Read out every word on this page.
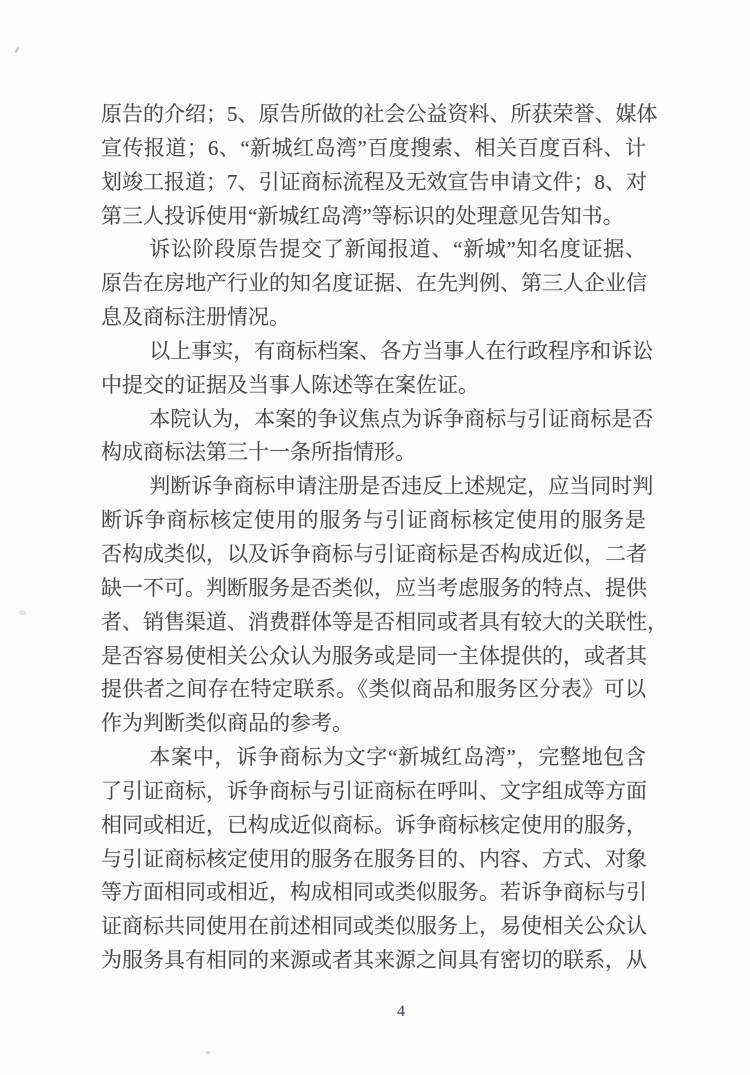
原告的介绍；5、原告所做的社会公益资料、所获荣誉、媒体
宣传报道；6、“新城红岛湾”百度搜索、相关百度百科、计
划竣工报道；7、引证商标流程及无效宣告申请文件；8、对
第三人投诉使用“新城红岛湾”等标识的处理意见告知书。
诉讼阶段原告提交了新闻报道、“新城”知名度证据、
原告在房地产行业的知名度证据、在先判例、第三人企业信
息及商标注册情况。
以上事实，有商标档案、各方当事人在行政程序和诉讼
中提交的证据及当事人陈述等在案佐证。
本院认为，本案的争议焦点为诉争商标与引证商标是否
构成商标法第三十一条所指情形。
判断诉争商标申请注册是否违反上述规定，应当同时判
断诉争商标核定使用的服务与引证商标核定使用的服务是
否构成类似，以及诉争商标与引证商标是否构成近似，二者
缺一不可。判断服务是否类似，应当考虑服务的特点、提供
者、销售渠道、消费群体等是否相同或者具有较大的关联性，
是否容易使相关公众认为服务或是同一主体提供的，或者其
提供者之间存在特定联系。《类似商品和服务区分表》可以
作为判断类似商品的参考。
本案中，诉争商标为文字“新城红岛湾”，完整地包含
了引证商标，诉争商标与引证商标在呼叫、文字组成等方面
相同或相近，已构成近似商标。诉争商标核定使用的服务，
与引证商标核定使用的服务在服务目的、内容、方式、对象
等方面相同或相近，构成相同或类似服务。若诉争商标与引
证商标共同使用在前述相同或类似服务上，易使相关公众认
为服务具有相同的来源或者其来源之间具有密切的联系，从
4
